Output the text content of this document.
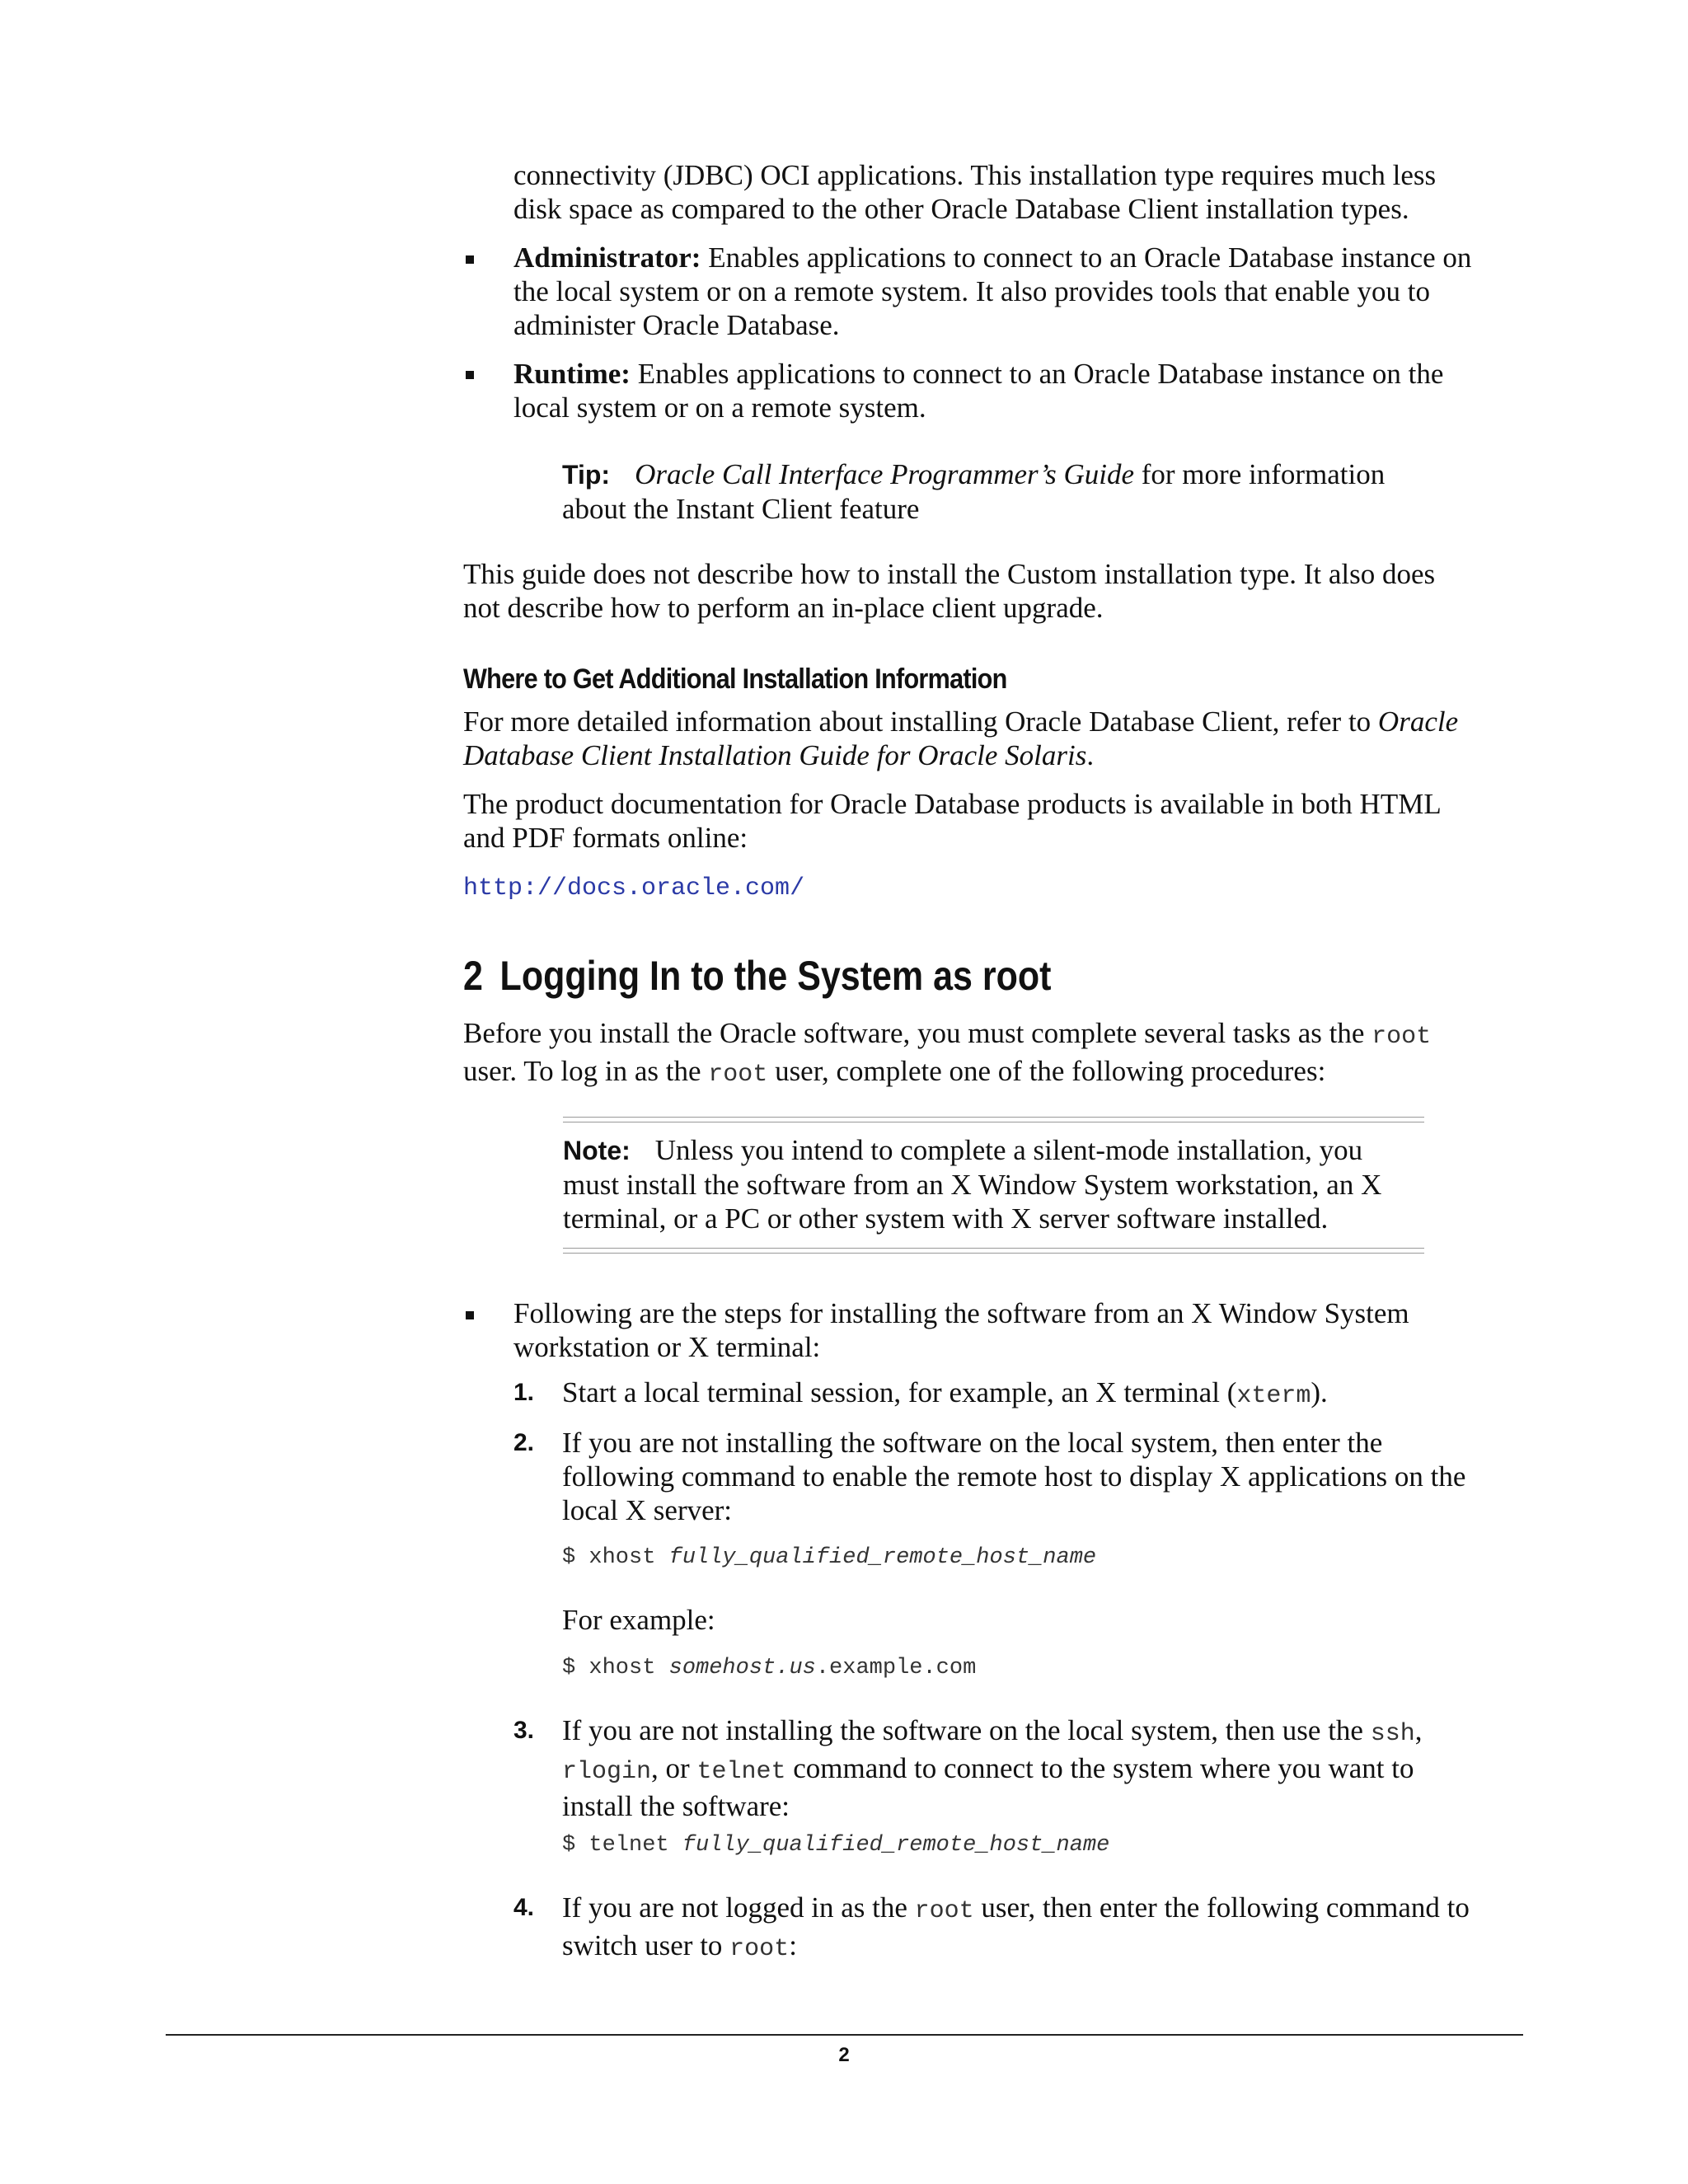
connectivity (JDBC) OCI applications. This installation type requires much less
disk space as compared to the other Oracle Database Client installation types.
Administrator: Enables applications to connect to an Oracle Database instance on
the local system or on a remote system. It also provides tools that enable you to
administer Oracle Database.
Runtime: Enables applications to connect to an Oracle Database instance on the
local system or on a remote system.
Tip: Oracle Call Interface Programmer’s Guide for more information
about the Instant Client feature
This guide does not describe how to install the Custom installation type. It also does
not describe how to perform an in-place client upgrade.
Where to Get Additional Installation Information
For more detailed information about installing Oracle Database Client, refer to Oracle
Database Client Installation Guide for Oracle Solaris.
The product documentation for Oracle Database products is available in both HTML
and PDF formats online:
http://docs.oracle.com/
2 Logging In to the System as root
Before you install the Oracle software, you must complete several tasks as the root
user. To log in as the root user, complete one of the following procedures:
Note: Unless you intend to complete a silent-mode installation, you
must install the software from an X Window System workstation, an X
terminal, or a PC or other system with X server software installed.
Following are the steps for installing the software from an X Window System
workstation or X terminal:
1. Start a local terminal session, for example, an X terminal (xterm).
2. If you are not installing the software on the local system, then enter the
following command to enable the remote host to display X applications on the
local X server:
$ xhost fully_qualified_remote_host_name
For example:
$ xhost somehost.us.example.com
3. If you are not installing the software on the local system, then use the ssh,
rlogin, or telnet command to connect to the system where you want to
install the software:
$ telnet fully_qualified_remote_host_name
4. If you are not logged in as the root user, then enter the following command to
switch user to root:
2
